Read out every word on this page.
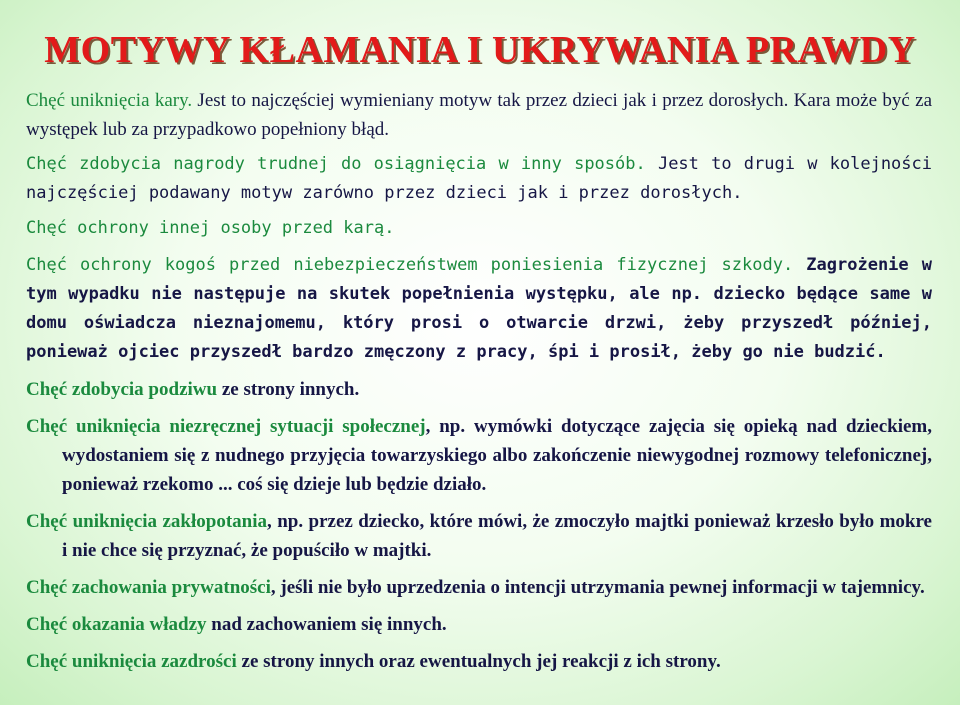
MOTYWY KŁAMANIA I UKRYWANIA PRAWDY

Chęć uniknięcia kary. Jest to najczęściej wymieniany motyw tak przez dzieci jak i przez dorosłych. Kara może być za występek lub za przypadkowo popełniony błąd.

Chęć zdobycia nagrody trudnej do osiągnięcia w inny sposób. Jest to drugi w kolejności najczęściej podawany motyw zarówno przez dzieci jak i przez dorosłych.

Chęć ochrony innej osoby przed karą.

Chęć ochrony kogoś przed niebezpieczeństwem poniesienia fizycznej szkody. Zagrożenie w tym wypadku nie następuje na skutek popełnienia występku, ale np. dziecko będące same w domu oświadcza nieznajomemu, który prosi o otwarcie drzwi, żeby przyszedł później, ponieważ ojciec przyszedł bardzo zmęczony z pracy, śpi i prosił, żeby go nie budzić.

Chęć zdobycia podziwu ze strony innych.

Chęć uniknięcia niezręcznej sytuacji społecznej, np. wymówki dotyczące zajęcia się opieką nad dzieckiem, wydostaniem się z nudnego przyjęcia towarzyskiego albo zakończenie niewygodnej rozmowy telefonicznej, ponieważ rzekomo ... coś się dzieje lub będzie działo.

Chęć uniknięcia zakłopotania, np. przez dziecko, które mówi, że zmoczyło majtki ponieważ krzesło było mokre i nie chce się przyznać, że popuściło w majtki.

Chęć zachowania prywatności, jeśli nie było uprzedzenia o intencji utrzymania pewnej informacji w tajemnicy.

Chęć okazania władzy nad zachowaniem się innych.

Chęć uniknięcia zazdrości ze strony innych oraz ewentualnych jej reakcji z ich strony.
